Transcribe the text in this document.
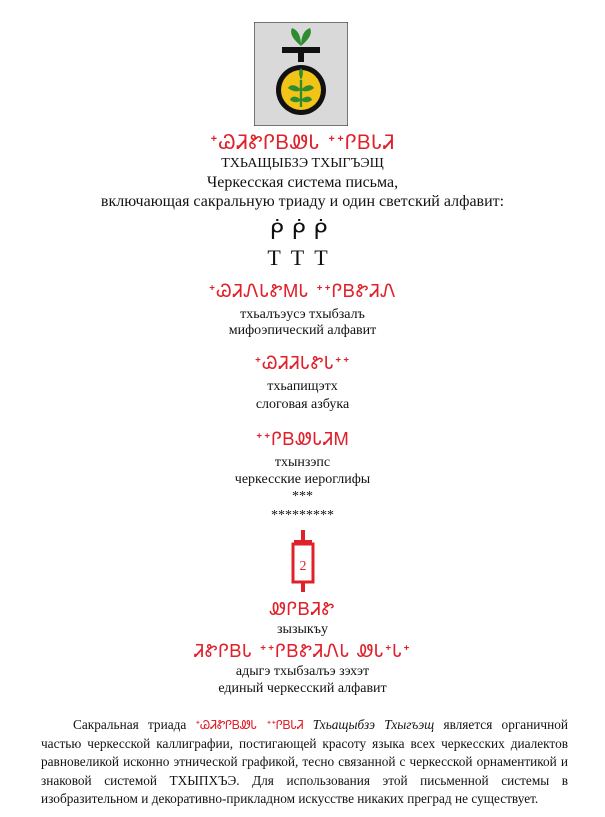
ᐩᏊᏘᏑᎵᏴᏪᏓ ᐩᐩᎵᏴᏓᏘ
ТХЬАЩЫБЗЭ ТХЫГЪЭЩ
Черкесская система письма,
включающая сакральную триаду и один светский алфавит:
ᑮᑮᑮ
ТТТ
ᐩᏊᏘᏁᏓᏑᎷᏓ ᐩᐩᎵᏴᏑᏘᏁ
тхьалъэусэ тхыбзалъ
мифоэпический алфавит
ᐩᏊᏘᏘᏓᏑᏓᐩᐩ
тхьапищэтх
слоговая азбука
ᐩᐩᎵᏴᏪᏓᏘᎷ
тхынзэпс
черкесские иероглифы
***
*********
2
ᏪᎵᏴᏘᏑ
зызыкъу
ᏘᏑᎵᏴᏓ ᐩᐩᎵᏴᏑᏘᏁᏓ ᏪᏓᐩᏓᐩ
адыгэ тхыбзалъэ зэхэт
единый черкесский алфавит
Сакральная триада ᐩᏊᏘᏑᎵᏴᏪᏓ ᐩᐩᎵᏴᏓᏘ Тхьащыбзэ Тхыгъэщ является органичной частью черкесской каллиграфии, постигающей красоту языка всех черкесских диалектов равновеликой исконно этнической графикой, тесно связанной с черкесской орнаментикой и знаковой системой ТХЫПХЪЭ. Для использования этой письменной системы в изобразительном и декоративно-прикладном искусстве никаких преград не существует.
